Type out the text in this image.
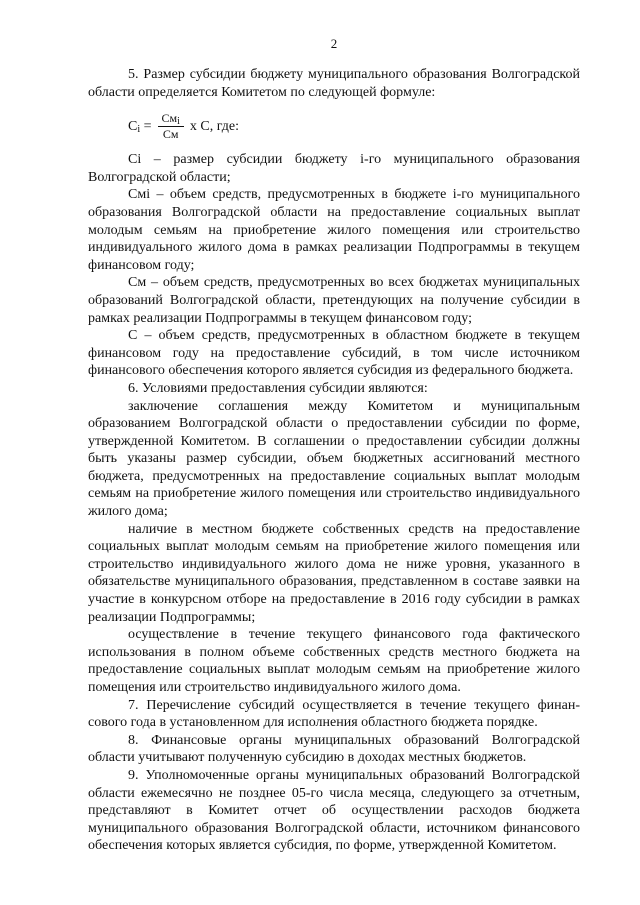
2

5. Размер субсидии бюджету муниципального образования Волгоградской области определяется Комитетом по следующей формуле:

$C_i = \frac{См_i}{См}$ х С, где:

Ci – размер субсидии бюджету i-го муниципального образования Волгоградской области;

Смi – объем средств, предусмотренных в бюджете i-го муниципального образования Волгоградской области на предоставление социальных выплат молодым семьям на приобретение жилого помещения или строительство индивидуального жилого дома в рамках реализации Подпрограммы в текущем финансовом году;

См – объем средств, предусмотренных во всех бюджетах муниципальных образований Волгоградской области, претендующих на получение субсидии в рамках реализации Подпрограммы в текущем финансовом году;

С – объем средств, предусмотренных в областном бюджете в текущем финансовом году на предоставление субсидий, в том числе источником финансового обеспечения которого является субсидия из федерального бюджета.

6. Условиями предоставления субсидии являются:

заключение соглашения между Комитетом и муниципальным образованием Волгоградской области о предоставлении субсидии по форме, утвержденной Комитетом. В соглашении о предоставлении субсидии должны быть указаны размер субсидии, объем бюджетных ассигнований местного бюджета, предусмотренных на предоставление социальных выплат молодым семьям на приобретение жилого помещения или строительство индивидуального жилого дома;

наличие в местном бюджете собственных средств на предоставление социальных выплат молодым семьям на приобретение жилого помещения или строительство индивидуального жилого дома не ниже уровня, указанного в обязательстве муниципального образования, представленном в составе заявки на участие в конкурсном отборе на предоставление в 2016 году субсидии в рамках реализации Подпрограммы;

осуществление в течение текущего финансового года фактического использования в полном объеме собственных средств местного бюджета на предоставление социальных выплат молодым семьям на приобретение жилого помещения или строительство индивидуального жилого дома.

7. Перечисление субсидий осуществляется в течение текущего финансового года в установленном для исполнения областного бюджета порядке.

8. Финансовые органы муниципальных образований Волгоградской области учитывают полученную субсидию в доходах местных бюджетов.

9. Уполномоченные органы муниципальных образований Волгоградской области ежемесячно не позднее 05-го числа месяца, следующего за отчетным, представляют в Комитет отчет об осуществлении расходов бюджета муниципального образования Волгоградской области, источником финансового обеспечения которых является субсидия, по форме, утвержденной Комитетом.
